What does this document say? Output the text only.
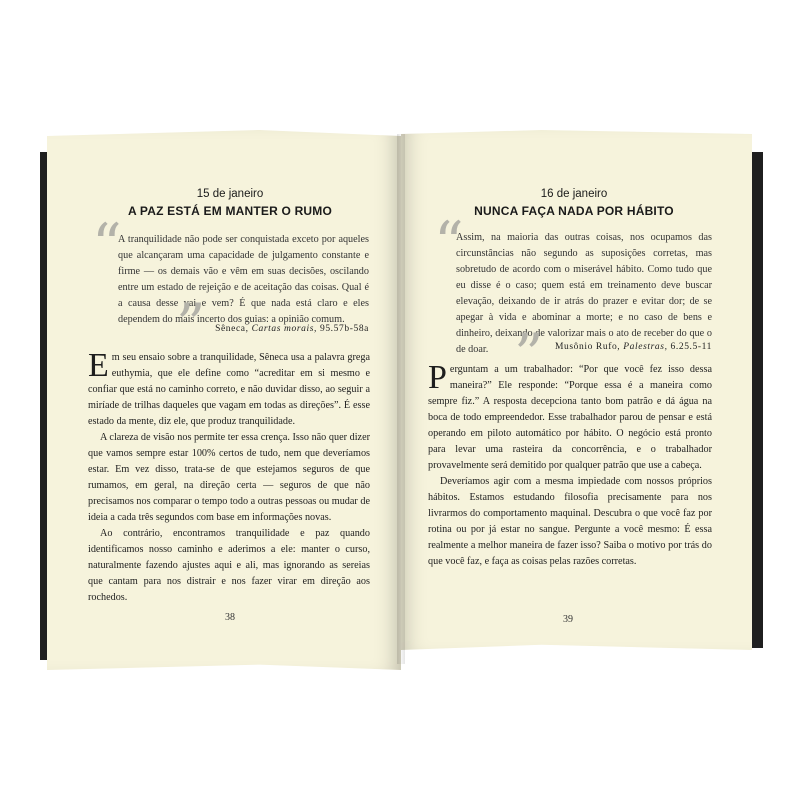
15 de janeiro
A PAZ ESTÁ EM MANTER O RUMO
“
A tranquilidade não pode ser conquistada exceto por aqueles que alcançaram uma capacidade de julgamento constante e firme — os demais vão e vêm em suas decisões, oscilando entre um estado de rejeição e de aceitação das coisas. Qual é a causa desse vai e vem? É que nada está claro e eles dependem do mais incerto dos guias: a opinião comum.
” Sêneca, Cartas morais, 95.57b-58a

Em seu ensaio sobre a tranquilidade, Sêneca usa a palavra grega euthymia, que ele define como “acreditar em si mesmo e confiar que está no caminho correto, e não duvidar disso, ao seguir a miríade de trilhas daqueles que vagam em todas as direções”. É esse estado da mente, diz ele, que produz tranquilidade.

A clareza de visão nos permite ter essa crença. Isso não quer dizer que vamos sempre estar 100% certos de tudo, nem que deveríamos estar. Em vez disso, trata-se de que estejamos seguros de que rumamos, em geral, na direção certa — seguros de que não precisamos nos comparar o tempo todo a outras pessoas ou mudar de ideia a cada três segundos com base em informações novas.

Ao contrário, encontramos tranquilidade e paz quando identificamos nosso caminho e aderimos a ele: manter o curso, naturalmente fazendo ajustes aqui e ali, mas ignorando as sereias que cantam para nos distrair e nos fazer virar em direção aos rochedos.

38
16 de janeiro
NUNCA FAÇA NADA POR HÁBITO
“
Assim, na maioria das outras coisas, nos ocupamos das circunstâncias não segundo as suposições corretas, mas sobretudo de acordo com o miserável hábito. Como tudo que eu disse é o caso; quem está em treinamento deve buscar elevação, deixando de ir atrás do prazer e evitar dor; de se apegar à vida e abominar a morte; e no caso de bens e dinheiro, deixando de valorizar mais o ato de receber do que o de doar. ”	Musônio Rufo, Palestras, 6.25.5-11

Perguntam a um trabalhador: “Por que você fez isso dessa maneira?” Ele responde: “Porque essa é a maneira como sempre fiz.” A resposta decepciona tanto bom patrão e dá água na boca de todo empreendedor. Esse trabalhador parou de pensar e está operando em piloto automático por hábito. O negócio está pronto para levar uma rasteira da concorrência, e o trabalhador provavelmente será demitido por qualquer patrão que use a cabeça.

Deveríamos agir com a mesma impiedade com nossos próprios hábitos. Estamos estudando filosofia precisamente para nos livrarmos do comportamento maquinal. Descubra o que você faz por rotina ou por já estar no sangue. Pergunte a você mesmo: É essa realmente a melhor maneira de fazer isso? Saiba o motivo por trás do que você faz, e faça as coisas pelas razões corretas.

39
